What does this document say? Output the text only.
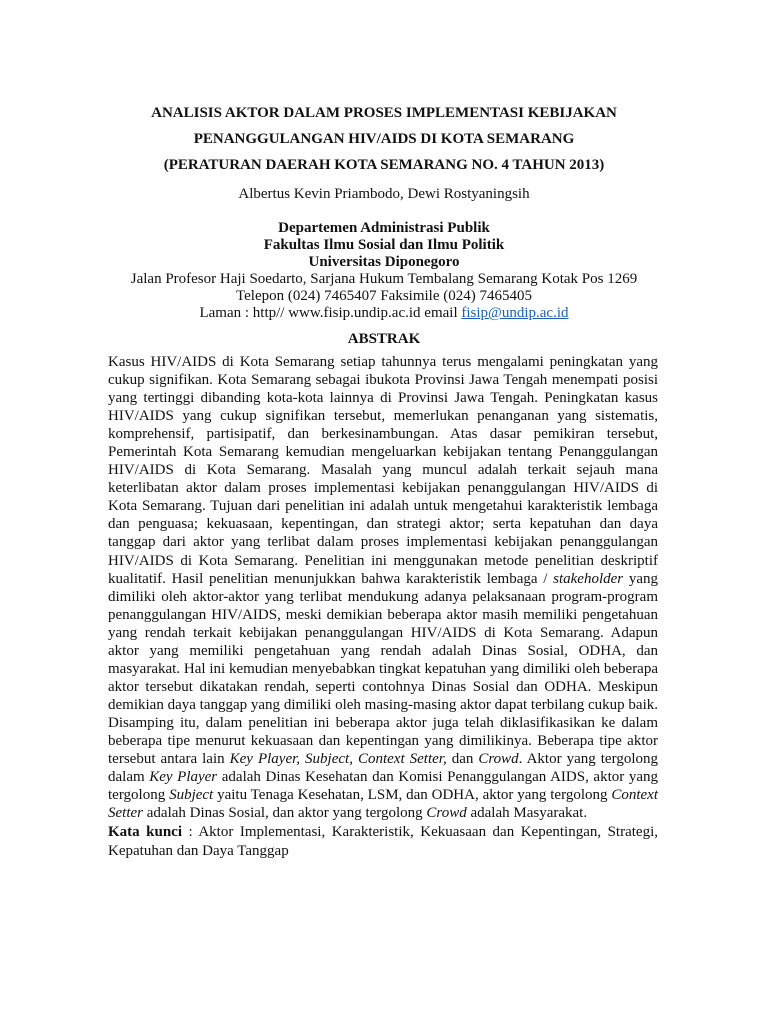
ANALISIS AKTOR DALAM PROSES IMPLEMENTASI KEBIJAKAN
PENANGGULANGAN HIV/AIDS DI KOTA SEMARANG
(PERATURAN DAERAH KOTA SEMARANG NO. 4 TAHUN 2013)

Albertus Kevin Priambodo, Dewi Rostyaningsih

Departemen Administrasi Publik
Fakultas Ilmu Sosial dan Ilmu Politik
Universitas Diponegoro
Jalan Profesor Haji Soedarto, Sarjana Hukum Tembalang Semarang Kotak Pos 1269
Telepon (024) 7465407 Faksimile (024) 7465405
Laman : http// www.fisip.undip.ac.id email fisip@undip.ac.id
ABSTRAK

Kasus HIV/AIDS di Kota Semarang setiap tahunnya terus mengalami peningkatan yang cukup signifikan. Kota Semarang sebagai ibukota Provinsi Jawa Tengah menempati posisi yang tertinggi dibanding kota-kota lainnya di Provinsi Jawa Tengah. Peningkatan kasus HIV/AIDS yang cukup signifikan tersebut, memerlukan penanganan yang sistematis, komprehensif, partisipatif, dan berkesinambungan. Atas dasar pemikiran tersebut, Pemerintah Kota Semarang kemudian mengeluarkan kebijakan tentang Penanggulangan HIV/AIDS di Kota Semarang. Masalah yang muncul adalah terkait sejauh mana keterlibatan aktor dalam proses implementasi kebijakan penanggulangan HIV/AIDS di Kota Semarang. Tujuan dari penelitian ini adalah untuk mengetahui karakteristik lembaga dan penguasa; kekuasaan, kepentingan, dan strategi aktor; serta kepatuhan dan daya tanggap dari aktor yang terlibat dalam proses implementasi kebijakan penanggulangan HIV/AIDS di Kota Semarang. Penelitian ini menggunakan metode penelitian deskriptif kualitatif. Hasil penelitian menunjukkan bahwa karakteristik lembaga / stakeholder yang dimiliki oleh aktor-aktor yang terlibat mendukung adanya pelaksanaan program-program penanggulangan HIV/AIDS, meski demikian beberapa aktor masih memiliki pengetahuan yang rendah terkait kebijakan penanggulangan HIV/AIDS di Kota Semarang. Adapun aktor yang memiliki pengetahuan yang rendah adalah Dinas Sosial, ODHA, dan masyarakat. Hal ini kemudian menyebabkan tingkat kepatuhan yang dimiliki oleh beberapa aktor tersebut dikatakan rendah, seperti contohnya Dinas Sosial dan ODHA. Meskipun demikian daya tanggap yang dimiliki oleh masing-masing aktor dapat terbilang cukup baik. Disamping itu, dalam penelitian ini beberapa aktor juga telah diklasifikasikan ke dalam beberapa tipe menurut kekuasaan dan kepentingan yang dimilikinya. Beberapa tipe aktor tersebut antara lain Key Player, Subject, Context Setter, dan Crowd. Aktor yang tergolong dalam Key Player adalah Dinas Kesehatan dan Komisi Penanggulangan AIDS, aktor yang tergolong Subject yaitu Tenaga Kesehatan, LSM, dan ODHA, aktor yang tergolong Context Setter adalah Dinas Sosial, dan aktor yang tergolong Crowd adalah Masyarakat.

Kata kunci : Aktor Implementasi, Karakteristik, Kekuasaan dan Kepentingan, Strategi, Kepatuhan dan Daya Tanggap
